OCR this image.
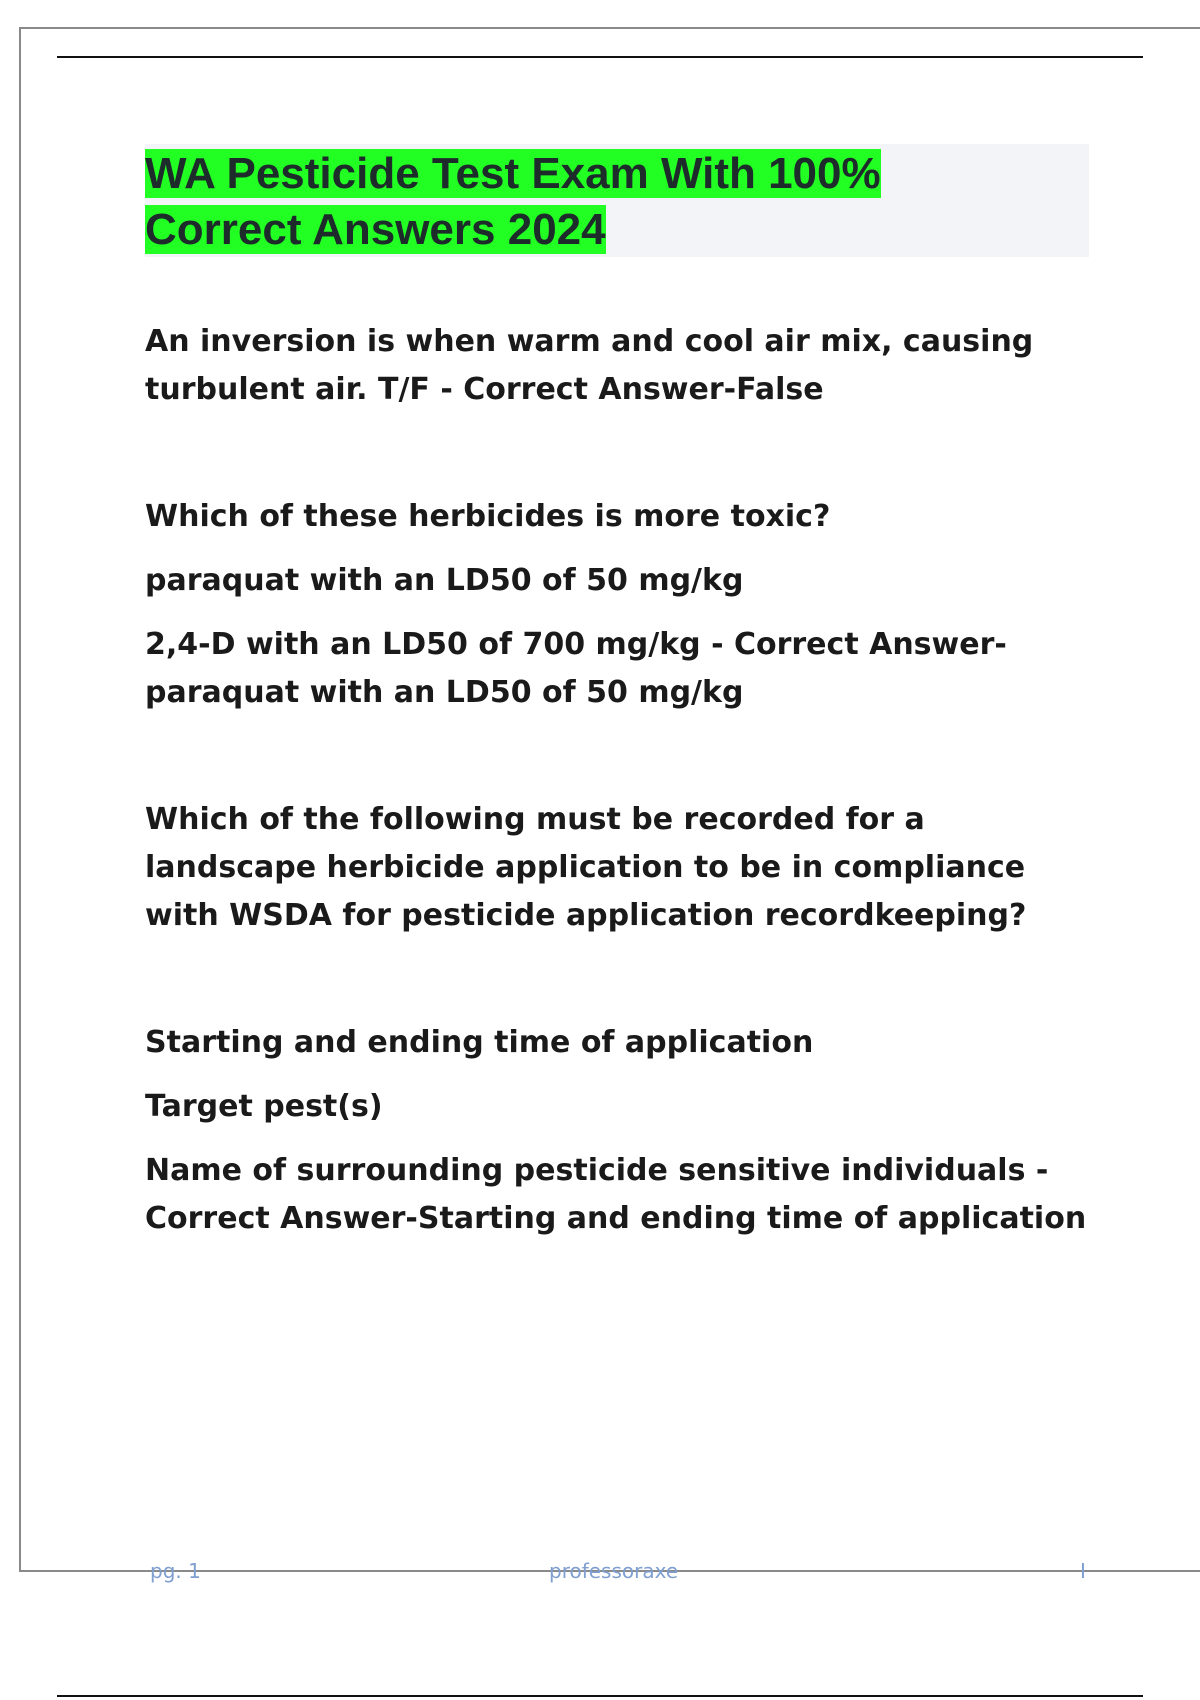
WA Pesticide Test Exam With 100%
Correct Answers 2024

An inversion is when warm and cool air mix, causing turbulent air. T/F - Correct Answer-False

Which of these herbicides is more toxic?

paraquat with an LD50 of 50 mg/kg

2,4-D with an LD50 of 700 mg/kg - Correct Answer-paraquat with an LD50 of 50 mg/kg

Which of the following must be recorded for a landscape herbicide application to be in compliance with WSDA for pesticide application recordkeeping?

Starting and ending time of application

Target pest(s)

Name of surrounding pesticide sensitive individuals - Correct Answer-Starting and ending time of application

pg. 1	professoraxe	I
